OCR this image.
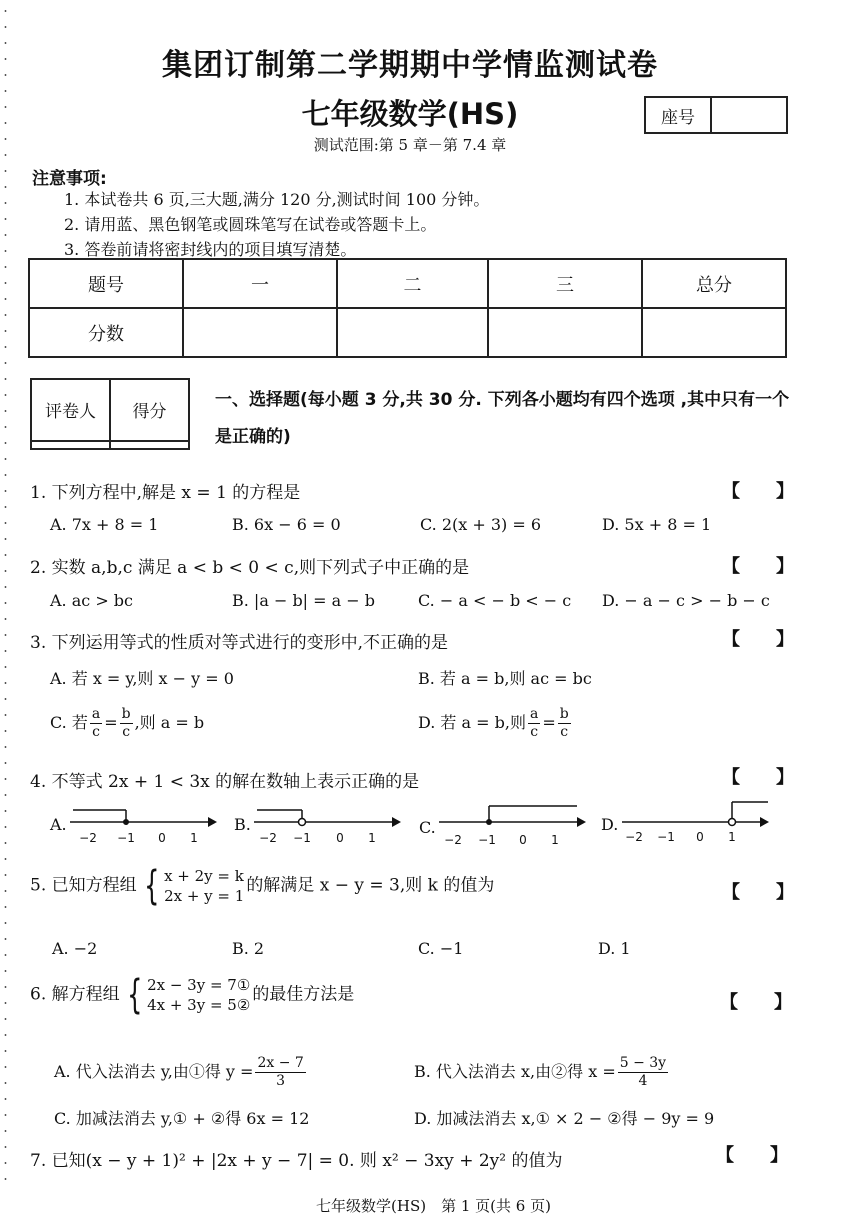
集团订制第二学期期中学情监测试卷
七年级数学(HS)
测试范围:第 5 章－第 7.4 章
座号
注意事项:
1. 本试卷共 6 页,三大题,满分 120 分,测试时间 100 分钟。
2. 请用蓝、黑色钢笔或圆珠笔写在试卷或答题卡上。
3. 答卷前请将密封线内的项目填写清楚。
题号	一	二	三	总分
分数				
评卷人	得分

一、选择题(每小题 3 分,共 30 分. 下列各小题均有四个选项 ,其中只有一个是正确的)
1. 下列方程中,解是 x = 1 的方程是	【　　】
A. 7x + 8 = 1	B. 6x − 6 = 0	C. 2(x + 3) = 6	D. 5x + 8 = 1
2. 实数 a,b,c 满足 a < b < 0 < c,则下列式子中正确的是	【　　】
A. ac > bc	B. |a − b| = a − b	C. − a < − b < − c D. − a − c > − b − c
3. 下列运用等式的性质对等式进行的变形中,不正确的是	【　　】
A. 若 x = y,则 x − y = 0	B. 若 a = b,则 ac = bc
C. 若 $\frac{a}{c} = \frac{b}{c}$ ,则 a = b	D. 若 a = b,则 $\frac{a}{c} = \frac{b}{c}$
4. 不等式 2x + 1 < 3x 的解在数轴上表示正确的是	【　　】
A.
−2 −1 0 1
B.
−2 −1 0 1
C.
−2 −1 0 1
D.
−2 −1 0 1
5. 已知方程组 { x + 2y = k
2x + y = 1
的解满足 x − y = 3,则 k 的值为	【　　】
A. −2	B. 2	C. −1	D. 1
6. 解方程组 { 2x − 3y = 7①
4x + 3y = 5②
的最佳方法是	【　　】
A. 代入法消去 y,由①得 $y = \frac{2x - 7}{3}$	B. 代入法消去 x,由②得 $x = \frac{5 - 3y}{4}$
C. 加减法消去 y,① + ②得 6x = 12	D. 加减法消去 x,① × 2 − ②得 − 9y = 9
7. 已知(x − y + 1)² + |2x + y − 7| = 0. 则 x² − 3xy + 2y² 的值为	【　　】
七年级数学(HS)　第 1 页(共 6 页)
